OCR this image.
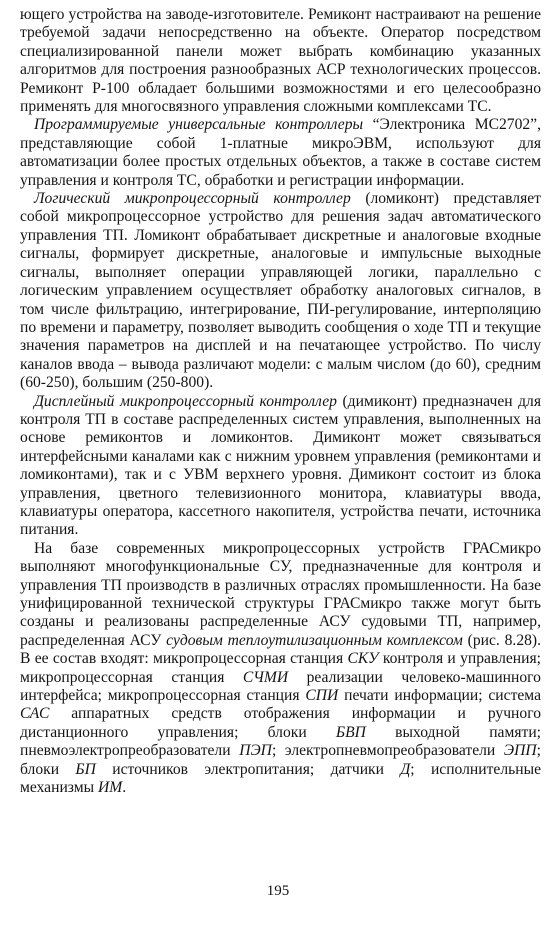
ющего устройства на заводе-изготовителе. Ремиконт настраивают на решение требуемой задачи непосредственно на объекте. Оператор посредством специализированной панели может выбрать комбинацию указанных алгоритмов для построения разнообразных АСР технологических процессов. Ремиконт Р-100 обладает большими возможностями и его целесообразно применять для многосвязного управления сложными комплексами ТС.

Программируемые универсальные контроллеры “Электроника МС2702”, представляющие собой 1-платные микроЭВМ, используют для автоматизации более простых отдельных объектов, а также в составе систем управления и контроля ТС, обработки и регистрации информации.

Логический микропроцессорный контроллер (ломиконт) представляет собой микропроцессорное устройство для решения задач автоматического управления ТП. Ломиконт обрабатывает дискретные и аналоговые входные сигналы, формирует дискретные, аналоговые и импульсные выходные сигналы, выполняет операции управляющей логики, параллельно с логическим управлением осуществляет обработку аналоговых сигналов, в том числе фильтрацию, интегрирование, ПИ-регулирование, интерполяцию по времени и параметру, позволяет выводить сообщения о ходе ТП и текущие значения параметров на дисплей и на печатающее устройство. По числу каналов ввода – вывода различают модели: с малым числом (до 60), средним (60-250), большим (250-800).

Дисплейный микропроцессорный контроллер (димиконт) предназначен для контроля ТП в составе распределенных систем управления, выполненных на основе ремиконтов и ломиконтов. Димиконт может связываться интерфейсными каналами как с нижним уровнем управления (ремиконтами и ломиконтами), так и с УВМ верхнего уровня. Димиконт состоит из блока управления, цветного телевизионного монитора, клавиатуры ввода, клавиатуры оператора, кассетного накопителя, устройства печати, источника питания.

На базе современных микропроцессорных устройств ГРАСмикро выполняют многофункциональные СУ, предназначенные для контроля и управления ТП производств в различных отраслях промышленности. На базе унифицированной технической структуры ГРАСмикро также могут быть созданы и реализованы распределенные АСУ судовыми ТП, например, распределенная АСУ судовым теплоутилизационным комплексом (рис. 8.28). В ее состав входят: микропроцессорная станция СКУ контроля и управления; микропроцессорная станция СЧМИ реализации человеко-машинного интерфейса; микропроцессорная станция СПИ печати информации; система САС аппаратных средств отображения информации и ручного дистанционного управления; блоки БВП выходной памяти; пневмоэлектропреобразователи ПЭП; электропневмопреобразователи ЭПП; блоки БП источников электропитания; датчики Д; исполнительные механизмы ИМ.

195
